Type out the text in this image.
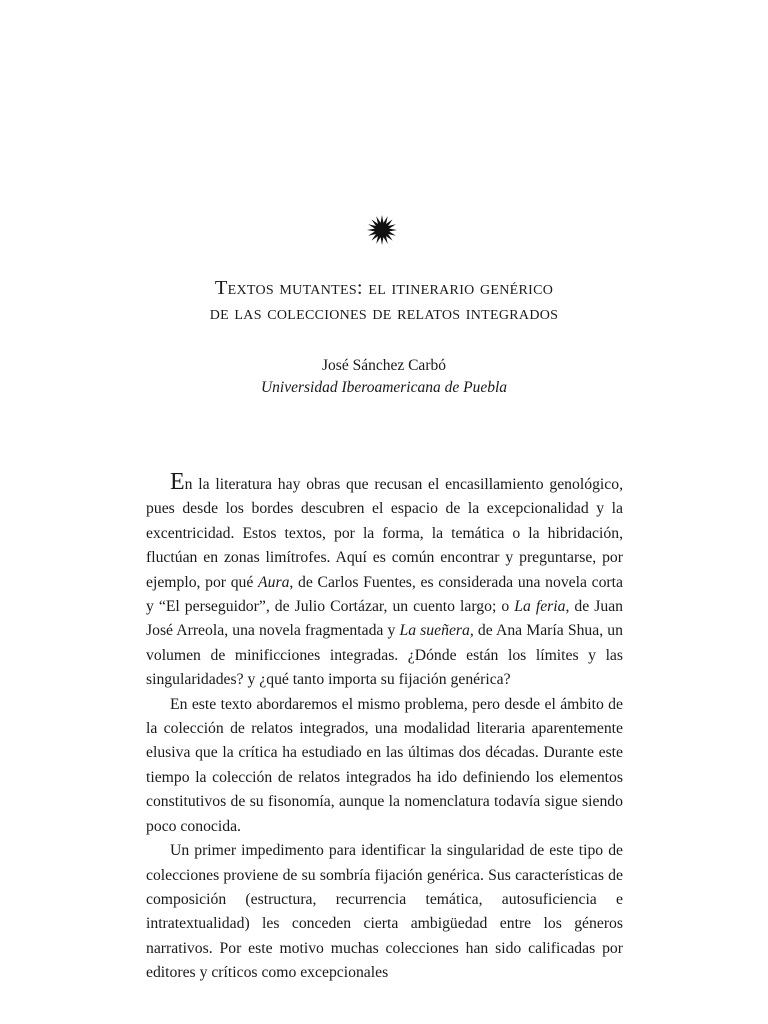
Textos mutantes: el itinerario genérico
de las colecciones de relatos integrados
José Sánchez Carbó
Universidad Iberoamericana de Puebla

En la literatura hay obras que recusan el encasillamiento genológico, pues desde los bordes descubren el espacio de la excepcionalidad y la excentricidad. Estos textos, por la forma, la temática o la hibridación, fluctúan en zonas limítrofes. Aquí es común encontrar y preguntarse, por ejemplo, por qué Aura, de Carlos Fuentes, es considerada una novela corta y “El perseguidor”, de Julio Cortázar, un cuento largo; o La feria, de Juan José Arreola, una novela fragmentada y La sueñera, de Ana María Shua, un volumen de minificciones integradas. ¿Dónde están los límites y las singularidades? y ¿qué tanto importa su fijación genérica?

En este texto abordaremos el mismo problema, pero desde el ámbito de la colección de relatos integrados, una modalidad literaria aparentemente elusiva que la crítica ha estudiado en las últimas dos décadas. Durante este tiempo la colección de relatos integrados ha ido definiendo los elementos constitutivos de su fisonomía, aunque la nomenclatura todavía sigue siendo poco conocida.

Un primer impedimento para identificar la singularidad de este tipo de colecciones proviene de su sombría fijación genérica. Sus características de composición (estructura, recurrencia temática, autosuficiencia e intratextualidad) les conceden cierta ambigüedad entre los géneros narrativos. Por este motivo muchas colecciones han sido calificadas por editores y críticos como excepcionales
